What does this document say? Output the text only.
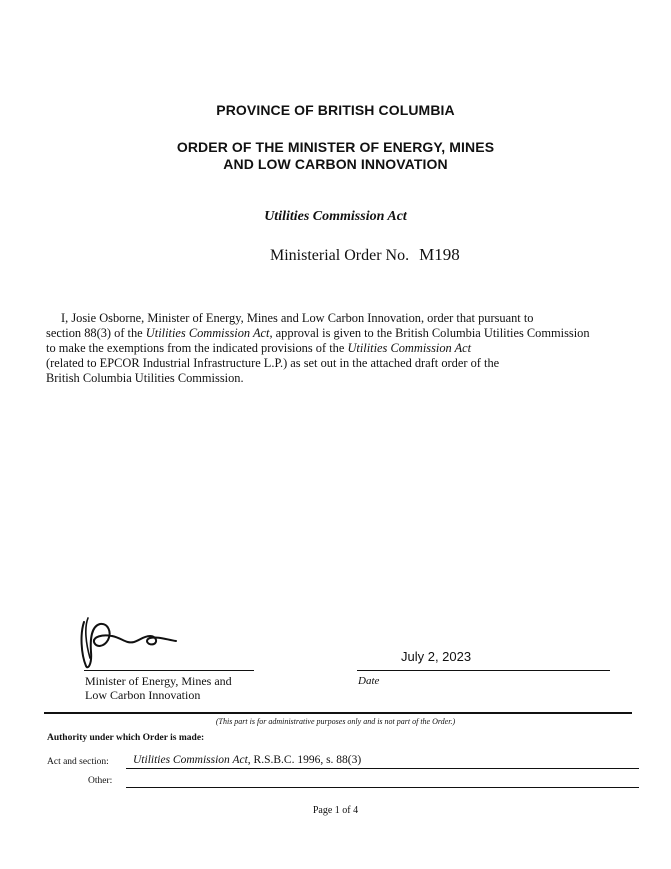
PROVINCE OF BRITISH COLUMBIA
ORDER OF THE MINISTER OF ENERGY, MINES
AND LOW CARBON INNOVATION
Utilities Commission Act
Ministerial Order No. M198
I, Josie Osborne, Minister of Energy, Mines and Low Carbon Innovation, order that pursuant to
section 88(3) of the Utilities Commission Act, approval is given to the British Columbia Utilities Commission
to make the exemptions from the indicated provisions of the Utilities Commission Act
(related to EPCOR Industrial Infrastructure L.P.) as set out in the attached draft order of the
British Columbia Utilities Commission.
Minister of Energy, Mines and
Low Carbon Innovation
July 2, 2023
Date
(This part is for administrative purposes only and is not part of the Order.)
Authority under which Order is made:
Act and section: Utilities Commission Act, R.S.B.C. 1996, s. 88(3)
Other:
Page 1 of 4
